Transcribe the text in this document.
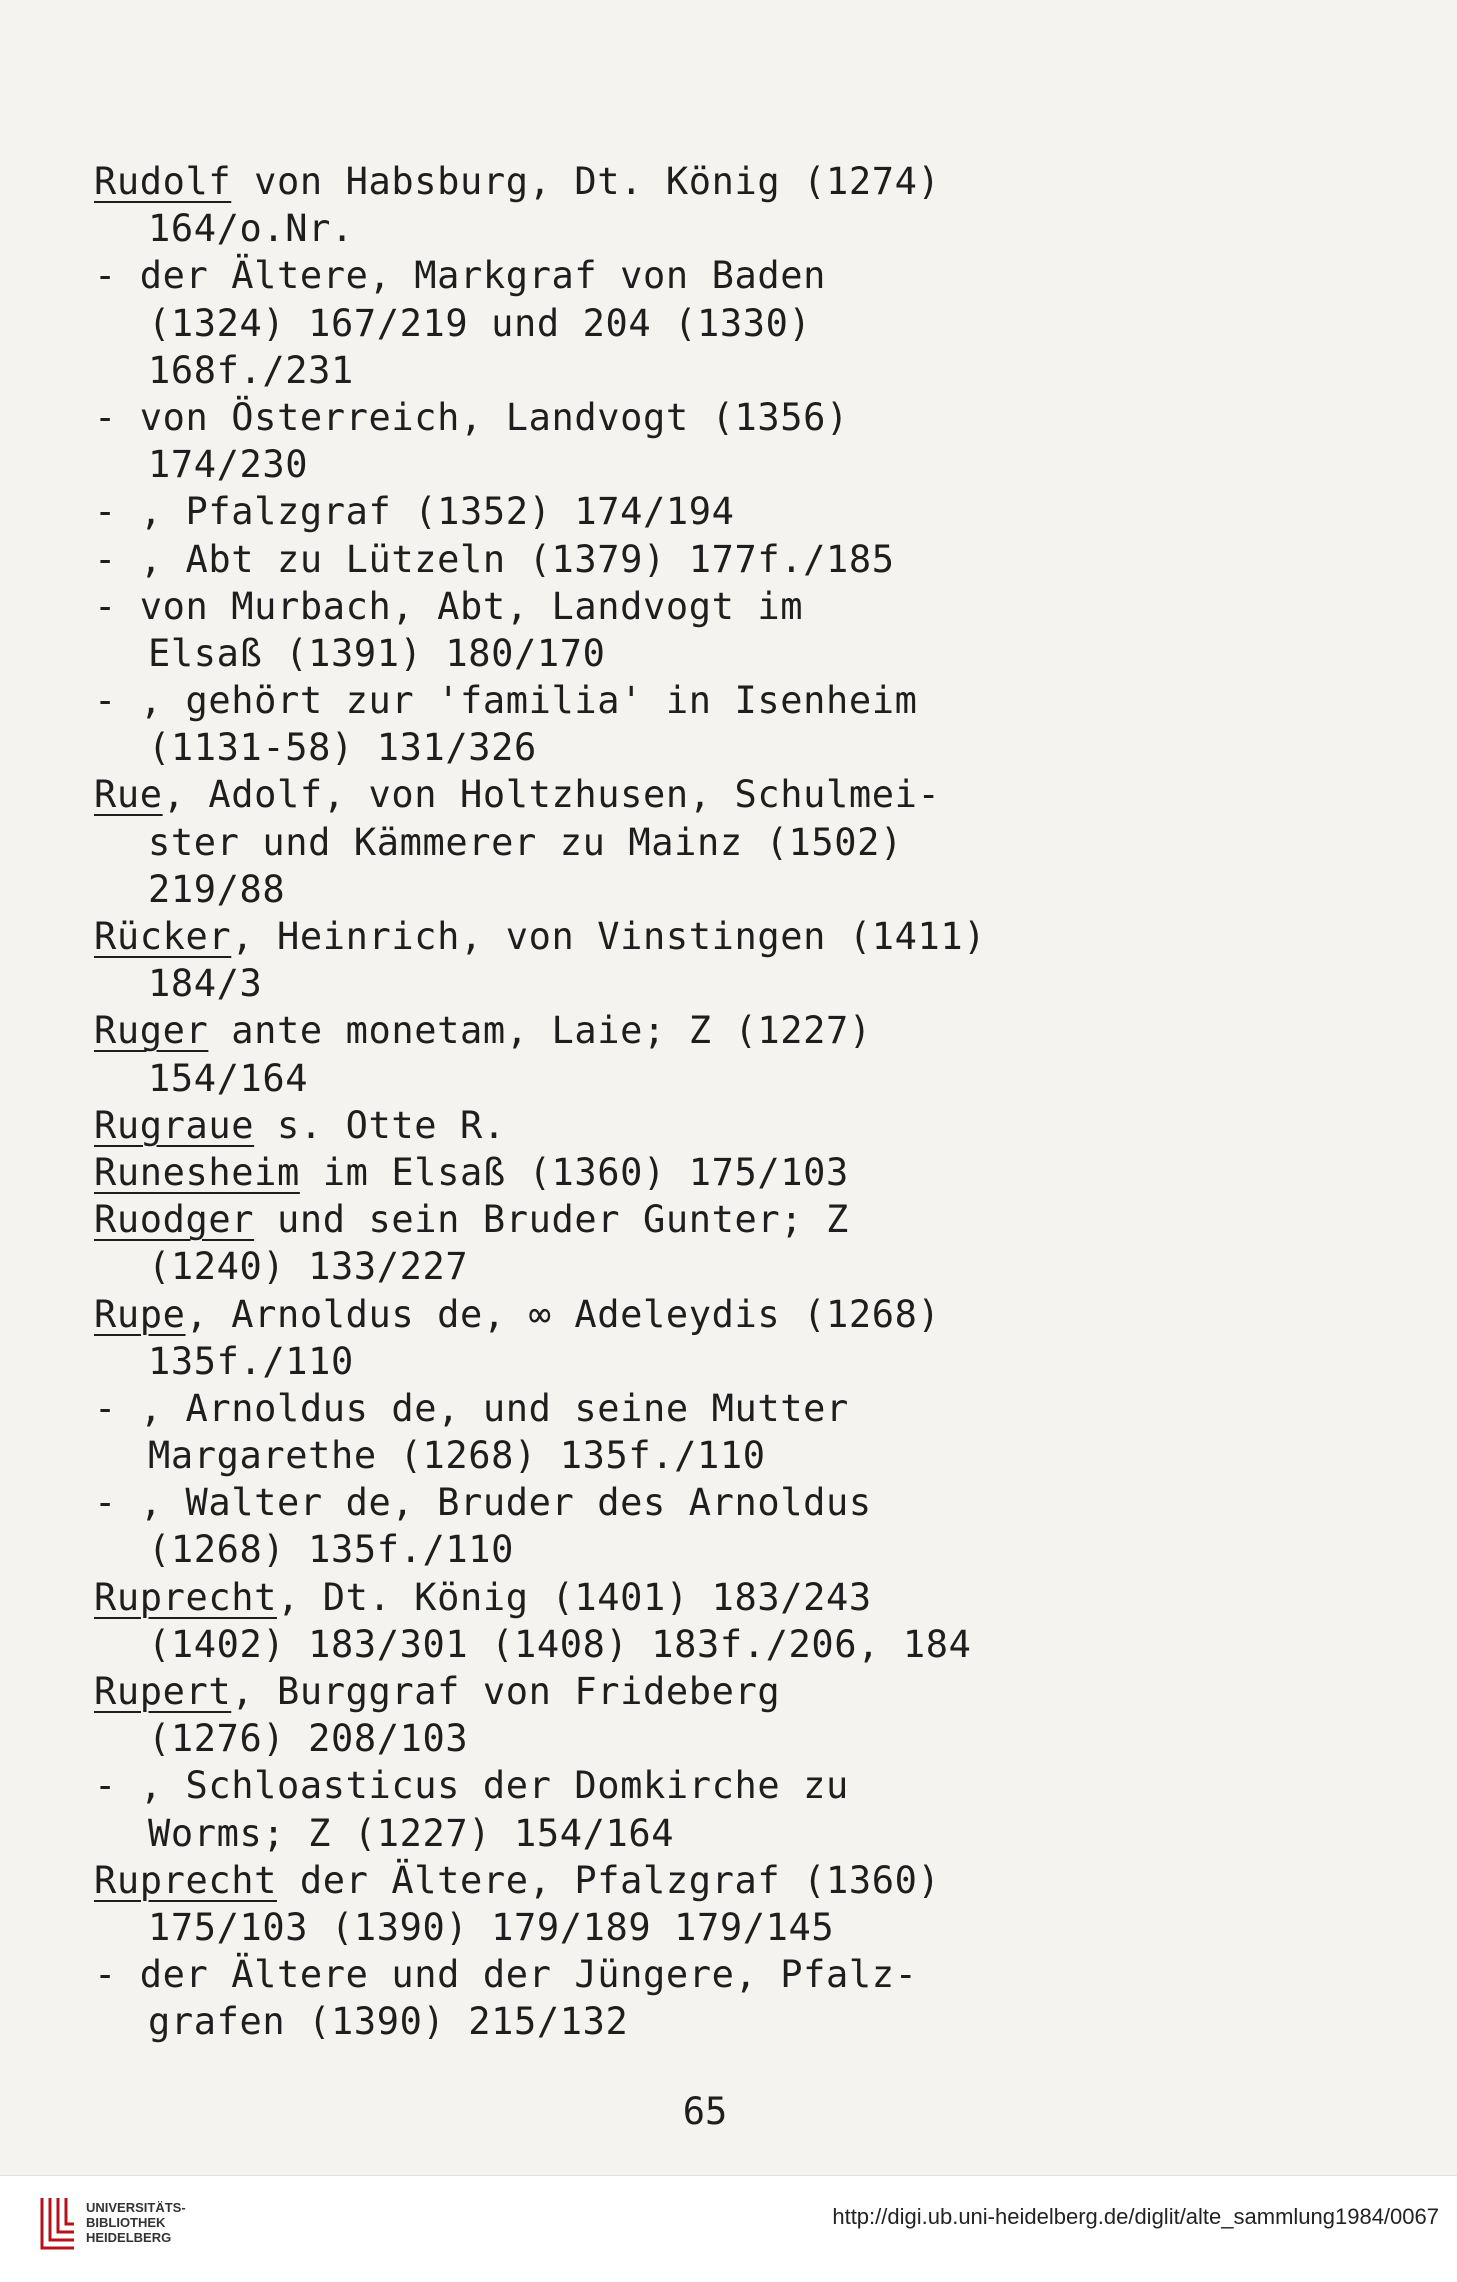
Rudolf von Habsburg, Dt. König (1274)
164/o.Nr.
- der Ältere, Markgraf von Baden
(1324) 167/219 und 204 (1330)
168f./231
- von Österreich, Landvogt (1356)
174/230
- , Pfalzgraf (1352) 174/194
- , Abt zu Lützeln (1379) 177f./185
- von Murbach, Abt, Landvogt im
Elsaß (1391) 180/170
- , gehört zur 'familia' in Isenheim
(1131-58) 131/326
Rue, Adolf, von Holtzhusen, Schulmei-
ster und Kämmerer zu Mainz (1502)
219/88
Rücker, Heinrich, von Vinstingen (1411)
184/3
Ruger ante monetam, Laie; Z (1227)
154/164
Rugraue s. Otte R.
Runesheim im Elsaß (1360) 175/103
Ruodger und sein Bruder Gunter; Z
(1240) 133/227
Rupe, Arnoldus de, ∞ Adeleydis (1268)
135f./110
- , Arnoldus de, und seine Mutter
Margarethe (1268) 135f./110
- , Walter de, Bruder des Arnoldus
(1268) 135f./110
Ruprecht, Dt. König (1401) 183/243
(1402) 183/301 (1408) 183f./206, 184
Rupert, Burggraf von Frideberg
(1276) 208/103
- , Schloasticus der Domkirche zu
Worms; Z (1227) 154/164
Ruprecht der Ältere, Pfalzgraf (1360)
175/103 (1390) 179/189 179/145
- der Ältere und der Jüngere, Pfalz-
grafen (1390) 215/132
65
UNIVERSITÄTS-
BIBLIOTHEK
HEIDELBERG
http://digi.ub.uni-heidelberg.de/diglit/alte_sammlung1984/0067
